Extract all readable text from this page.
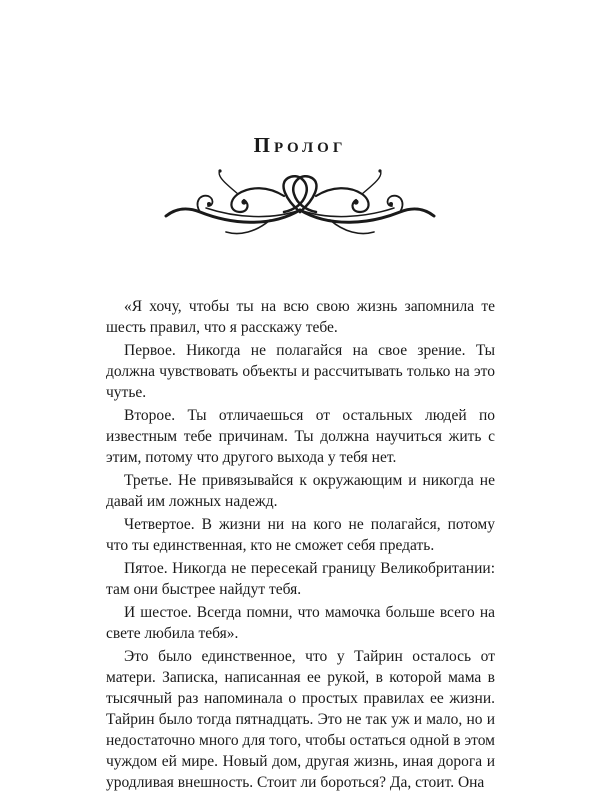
Пролог

«Я хочу, чтобы ты на всю свою жизнь запомнила те шесть правил, что я расскажу тебе.

Первое. Никогда не полагайся на свое зрение. Ты должна чувствовать объекты и рассчитывать только на это чутье.

Второе. Ты отличаешься от остальных людей по известным тебе причинам. Ты должна научиться жить с этим, потому что другого выхода у тебя нет.

Третье. Не привязывайся к окружающим и никогда не давай им ложных надежд.

Четвертое. В жизни ни на кого не полагайся, потому что ты единственная, кто не сможет себя предать.

Пятое. Никогда не пересекай границу Великобритании: там они быстрее найдут тебя.

И шестое. Всегда помни, что мамочка больше всего на свете любила тебя».

Это было единственное, что у Тайрин осталось от матери. Записка, написанная ее рукой, в которой мама в тысячный раз напоминала о простых правилах ее жизни. Тайрин было тогда пятнадцать. Это не так уж и мало, но и недостаточно много для того, чтобы остаться одной в этом чуждом ей мире. Новый дом, другая жизнь, иная дорога и уродливая внешность. Стоит ли бороться? Да, стоит. Она
